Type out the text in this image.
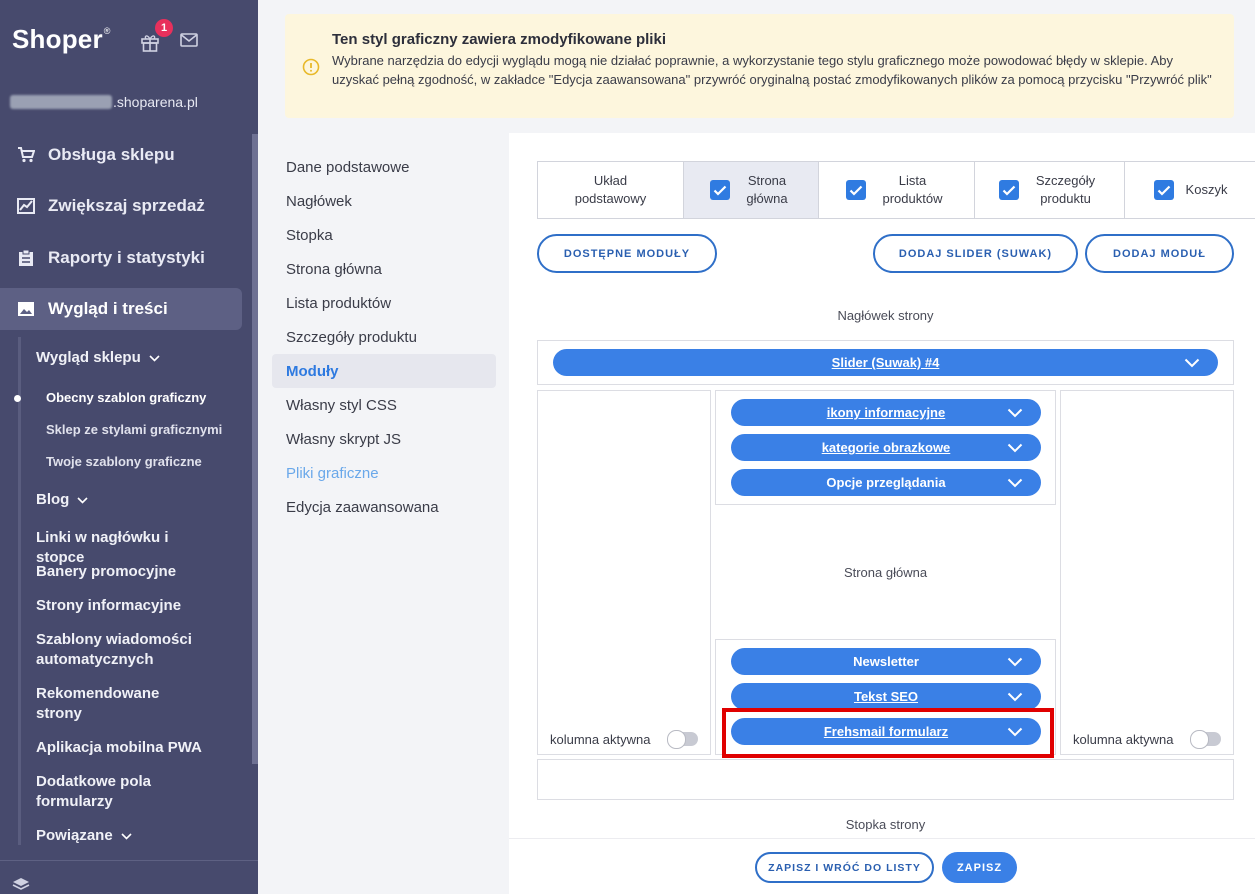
Shoper®	1
.shoparena.pl
Obsługa sklepu
Zwiększaj sprzedaż
Raporty i statystyki
Wygląd i treści
Wygląd sklepu
Obecny szablon graficzny
Sklep ze stylami graficznymi
Twoje szablony graficzne
Blog
Linki w nagłówku i stopce
Banery promocyjne
Strony informacyjne
Szablony wiadomości automatycznych
Rekomendowane strony
Aplikacja mobilna PWA
Dodatkowe pola formularzy
Powiązane
Ten styl graficzny zawiera zmodyfikowane pliki

Wybrane narzędzia do edycji wyglądu mogą nie działać poprawnie, a wykorzystanie tego stylu graficznego może powodować błędy w sklepie. Aby uzyskać pełną zgodność, w zakładce "Edycja zaawansowana" przywróć oryginalną postać zmodyfikowanych plików za pomocą przycisku "Przywróć plik"

Dane podstawowe
Nagłówek
Stopka
Strona główna
Lista produktów
Szczegóły produktu
Moduły
Własny styl CSS
Własny skrypt JS
Pliki graficzne
Edycja zaawansowana
Układ podstawowy
Strona główna
Lista produktów
Szczegóły produktu
Koszyk
DOSTĘPNE MODUŁY	DODAJ SLIDER (SUWAK)	DODAJ MODUŁ
Nagłówek strony
Slider (Suwak) #4
kolumna aktywna	kolumna aktywna
ikony informacyjne
kategorie obrazkowe
Opcje przeglądania
Strona główna
Newsletter
Tekst SEO
Frehsmail formularz
Stopka strony
ZAPISZ I WRÓĆ DO LISTY	ZAPISZ
